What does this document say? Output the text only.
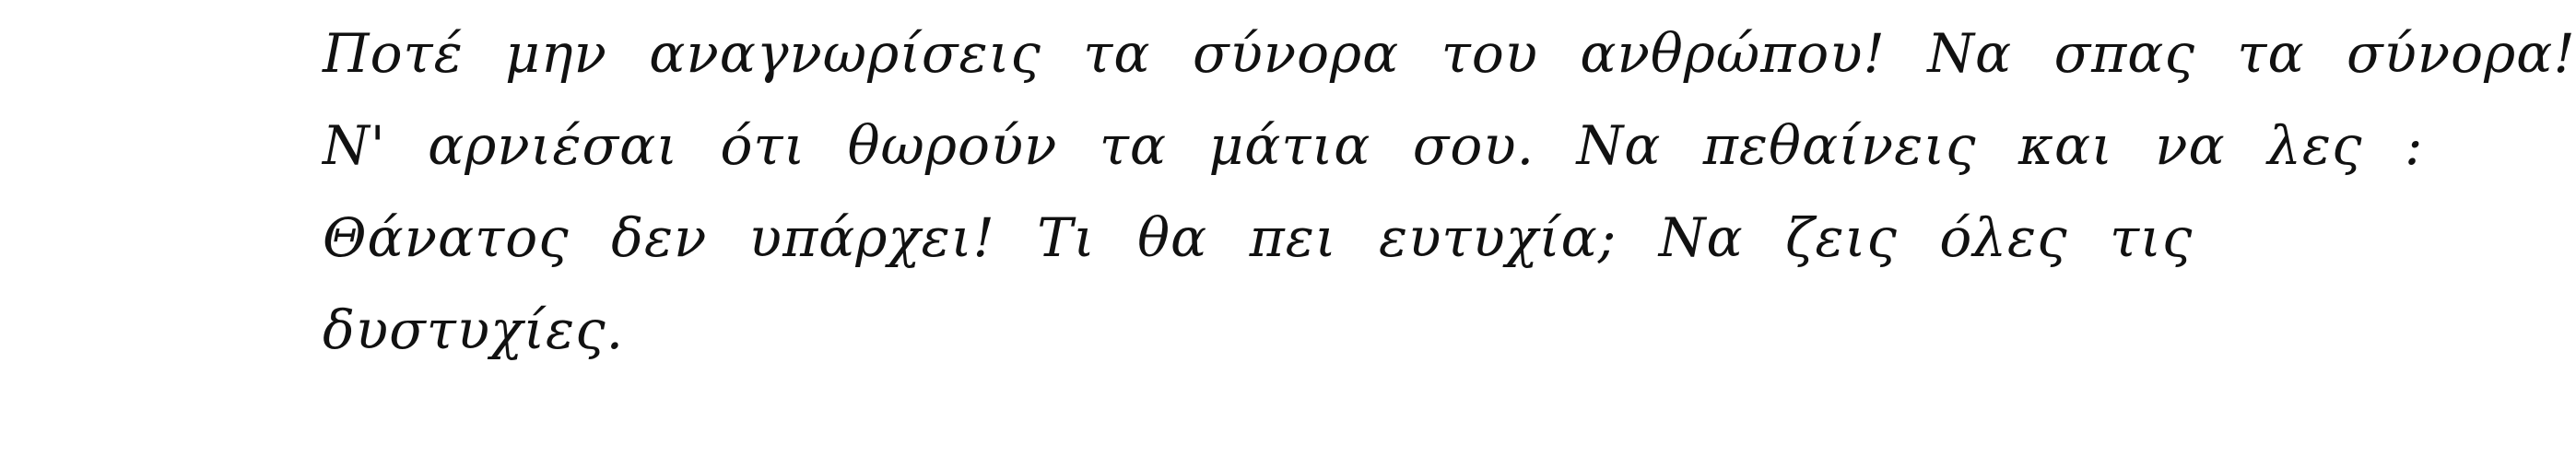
Ποτέ μην αναγνωρίσεις τα σύνορα του ανθρώπου! Να σπας τα σύνορα!
Ν' αρνιέσαι ότι θωρούν τα μάτια σου. Να πεθαίνεις και να λες :
Θάνατος δεν υπάρχει! Τι θα πει ευτυχία; Να ζεις όλες τις
δυστυχίες.
